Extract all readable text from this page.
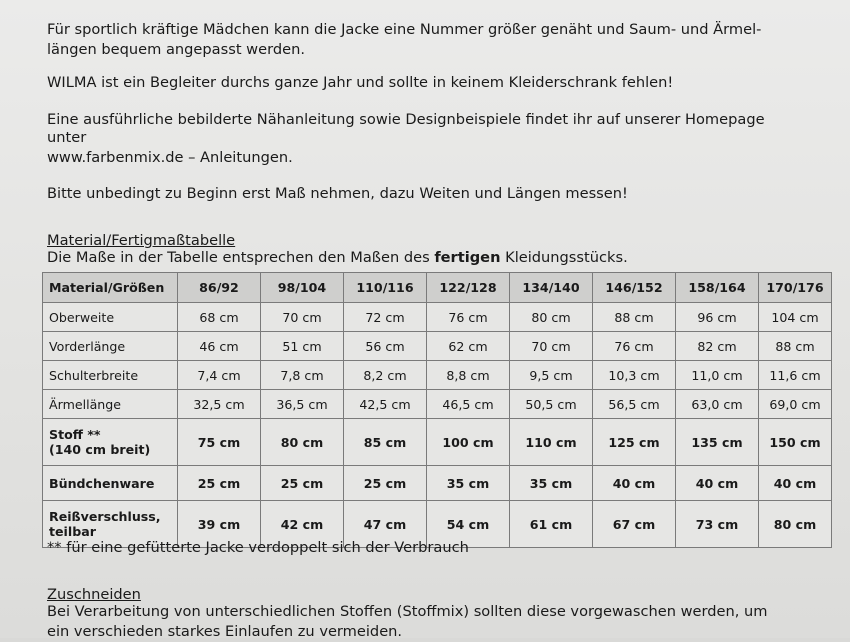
Für sportlich kräftige Mädchen kann die Jacke eine Nummer größer genäht und Saum- und Ärmel-
längen bequem angepasst werden.
WILMA ist ein Begleiter durchs ganze Jahr und sollte in keinem Kleiderschrank fehlen!
Eine ausführliche bebilderte Nähanleitung sowie Designbeispiele findet ihr auf unserer Homepage
unter
www.farbenmix.de – Anleitungen.
Bitte unbedingt zu Beginn erst Maß nehmen, dazu Weiten und Längen messen!
Material/Fertigmaßtabelle
Die Maße in der Tabelle entsprechen den Maßen des fertigen Kleidungsstücks.
Material/Größen	86/92	98/104	110/116	122/128	134/140	146/152	158/164	170/176
Oberweite	68 cm	70 cm	72 cm	76 cm	80 cm	88 cm	96 cm	104 cm
Vorderlänge	46 cm	51 cm	56 cm	62 cm	70 cm	76 cm	82 cm	88 cm
Schulterbreite	7,4 cm	7,8 cm	8,2 cm	8,8 cm	9,5 cm	10,3 cm	11,0 cm	11,6 cm
Ärmellänge	32,5 cm	36,5 cm	42,5 cm	46,5 cm	50,5 cm	56,5 cm	63,0 cm	69,0 cm

Stoff **
(140 cm breit)	75 cm	80 cm	85 cm	100 cm	110 cm	125 cm	135 cm	150 cm
Bündchenware	25 cm	25 cm	25 cm	35 cm	35 cm	40 cm	40 cm	40 cm

Reißverschluss,
teilbar	39 cm	42 cm	47 cm	54 cm	61 cm	67 cm	73 cm	80 cm
** für eine gefütterte Jacke verdoppelt sich der Verbrauch
Zuschneiden
Bei Verarbeitung von unterschiedlichen Stoffen (Stoffmix) sollten diese vorgewaschen werden, um
ein verschieden starkes Einlaufen zu vermeiden.
